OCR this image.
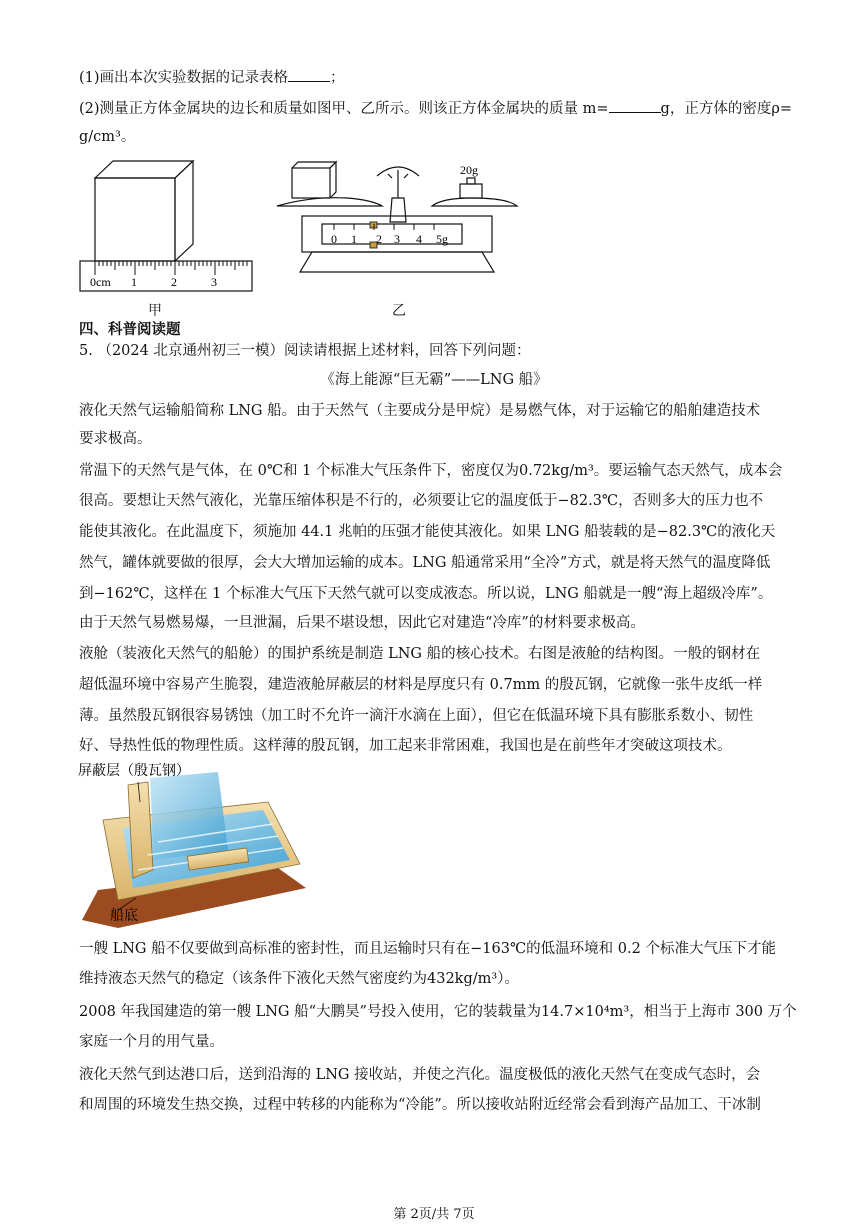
(1)画出本次实验数据的记录表格	；
(2)测量正方体金属块的边长和质量如图甲、乙所示。则该正方体金属块的质量 m=	g，正方体的密度ρ=
g/cm³。
0cm 1	2	3
甲
20g
0 1 2 3 4 5g
乙
四、科普阅读题
5. （2024 北京通州初三一模）阅读请根据上述材料，回答下列问题：
《海上能源“巨无霸”——LNG 船》
液化天然气运输船简称 LNG 船。由于天然气（主要成分是甲烷）是易燃气体，对于运输它的船舶建造技术
要求极高。
常温下的天然气是气体，在 0℃和 1 个标准大气压条件下，密度仅为0.72kg/m³。要运输气态天然气，成本会
很高。要想让天然气液化，光靠压缩体积是不行的，必须要让它的温度低于−82.3℃，否则多大的压力也不
能使其液化。在此温度下，须施加 44.1 兆帕的压强才能使其液化。如果 LNG 船装载的是−82.3℃的液化天
然气，罐体就要做的很厚，会大大增加运输的成本。LNG 船通常采用“全冷”方式，就是将天然气的温度降低
到−162℃，这样在 1 个标准大气压下天然气就可以变成液态。所以说，LNG 船就是一艘“海上超级冷库”。
由于天然气易燃易爆，一旦泄漏，后果不堪设想，因此它对建造“冷库”的材料要求极高。
液舱（装液化天然气的船舱）的围护系统是制造 LNG 船的核心技术。右图是液舱的结构图。一般的钢材在
超低温环境中容易产生脆裂，建造液舱屏蔽层的材料是厚度只有 0.7mm 的殷瓦钢，它就像一张牛皮纸一样
薄。虽然殷瓦钢很容易锈蚀（加工时不允许一滴汗水滴在上面），但它在低温环境下具有膨胀系数小、韧性
好、导热性低的物理性质。这样薄的殷瓦钢，加工起来非常困难，我国也是在前些年才突破这项技术。
屏蔽层（殷瓦钢）
船底
一艘 LNG 船不仅要做到高标准的密封性，而且运输时只有在−163℃的低温环境和 0.2 个标准大气压下才能
维持液态天然气的稳定（该条件下液化天然气密度约为432kg/m³）。
2008 年我国建造的第一艘 LNG 船“大鹏昊”号投入使用，它的装载量为14.7×10⁴m³，相当于上海市 300 万个
家庭一个月的用气量。
液化天然气到达港口后，送到沿海的 LNG 接收站，并使之汽化。温度极低的液化天然气在变成气态时，会
和周围的环境发生热交换，过程中转移的内能称为“冷能”。所以接收站附近经常会看到海产品加工、干冰制
第 2页/共 7页
